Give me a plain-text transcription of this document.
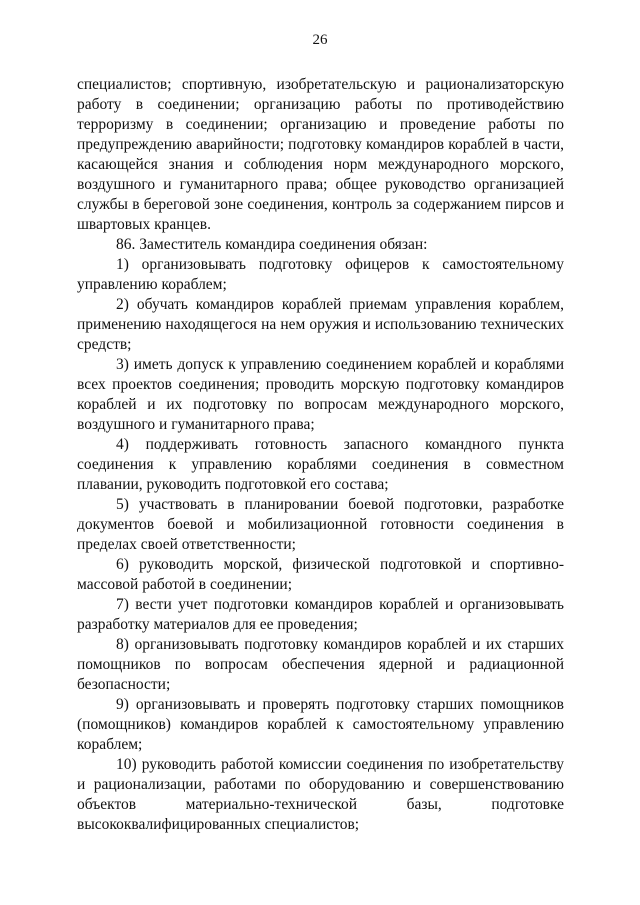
26

специалистов; спортивную, изобретательскую и рационализаторскую работу в соединении; организацию работы по противодействию терроризму в соединении; организацию и проведение работы по предупреждению аварийности; подготовку командиров кораблей в части, касающейся знания и соблюдения норм международного морского, воздушного и гуманитарного права; общее руководство организацией службы в береговой зоне соединения, контроль за содержанием пирсов и швартовых кранцев.

86. Заместитель командира соединения обязан:

1) организовывать подготовку офицеров к самостоятельному управлению кораблем;

2) обучать командиров кораблей приемам управления кораблем, применению находящегося на нем оружия и использованию технических средств;

3) иметь допуск к управлению соединением кораблей и кораблями всех проектов соединения; проводить морскую подготовку командиров кораблей и их подготовку по вопросам международного морского, воздушного и гуманитарного права;

4) поддерживать готовность запасного командного пункта соединения к управлению кораблями соединения в совместном плавании, руководить подготовкой его состава;

5) участвовать в планировании боевой подготовки, разработке документов боевой и мобилизационной готовности соединения в пределах своей ответственности;

6) руководить морской, физической подготовкой и спортивно-массовой работой в соединении;

7) вести учет подготовки командиров кораблей и организовывать разработку материалов для ее проведения;

8) организовывать подготовку командиров кораблей и их старших помощников по вопросам обеспечения ядерной и радиационной безопасности;

9) организовывать и проверять подготовку старших помощников (помощников) командиров кораблей к самостоятельному управлению кораблем;

10) руководить работой комиссии соединения по изобретательству и рационализации, работами по оборудованию и совершенствованию объектов материально-технической базы, подготовке высококвалифицированных специалистов;
